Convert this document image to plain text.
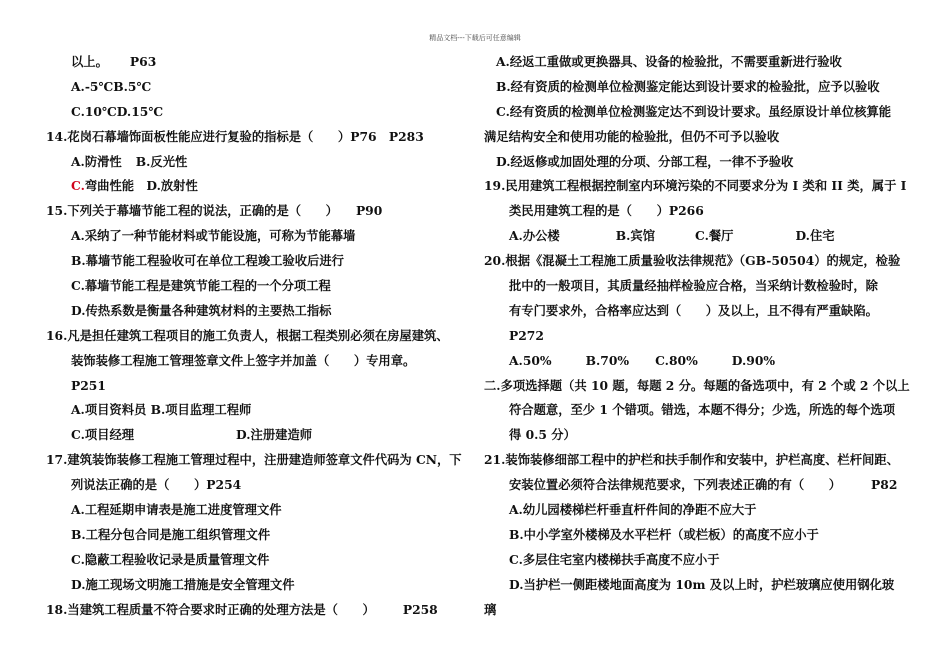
精品文档---下载后可任意编辑
以上。 P63
A.-5℃B.5℃
C.10℃D.15℃
14.花岗石幕墙饰面板性能应进行复验的指标是（　　）P76　P283
A.防滑性 B.反光性
C.弯曲性能　D.放射性
15.下列关于幕墙节能工程的说法，正确的是（　　） P90
A.采纳了一种节能材料或节能设施，可称为节能幕墙
B.幕墙节能工程验收可在单位工程竣工验收后进行
C.幕墙节能工程是建筑节能工程的一个分项工程
D.传热系数是衡量各种建筑材料的主要热工指标
16.凡是担任建筑工程项目的施工负责人，根据工程类别必须在房屋建筑、
装饰装修工程施工管理签章文件上签字并加盖（　　）专用章。
P251
A.项目资料员 B.项目监理工程师
C.项目经理	D.注册建造师
17.建筑装饰装修工程施工管理过程中，注册建造师签章文件代码为 CN，下
列说法正确的是（　　）P254
A.工程延期申请表是施工进度管理文件
B.工程分包合同是施工组织管理文件
C.隐蔽工程验收记录是质量管理文件
D.施工现场文明施工措施是安全管理文件
18.当建筑工程质量不符合要求时正确的处理方法是（　　） P258
A.经返工重做或更换器具、设备的检验批，不需要重新进行验收
B.经有资质的检测单位检测鉴定能达到设计要求的检验批，应予以验收
C.经有资质的检测单位检测鉴定达不到设计要求。虽经原设计单位核算能
满足结构安全和使用功能的检验批，但仍不可予以验收
D.经返修或加固处理的分项、分部工程，一律不予验收
19.民用建筑工程根据控制室内环境污染的不同要求分为 I 类和 II 类，属于 I
类民用建筑工程的是（　　）P266
A.办公楼	B.宾馆	C.餐厅	D.住宅
20.根据《混凝土工程施工质量验收法律规范》（GB-50504）的规定，检验
批中的一般项目，其质量经抽样检验应合格，当采纳计数检验时，除
有专门要求外，合格率应达到（　　）及以上，且不得有严重缺陷。
P272
A.50%	B.70% C.80%	D.90%
二.多项选择题（共 10 题，每题 2 分。每题的备选项中，有 2 个或 2 个以上
符合题意，至少 1 个错项。错选，本题不得分；少选，所选的每个选项
得 0.5 分）
21.装饰装修细部工程中的护栏和扶手制作和安装中，护栏高度、栏杆间距、
安装位置必须符合法律规范要求，下列表述正确的有（　　） P82
A.幼儿园楼梯栏杆垂直杆件间的净距不应大于
B.中小学室外楼梯及水平栏杆（或栏板）的高度不应小于
C.多层住宅室内楼梯扶手高度不应小于
D.当护栏一侧距楼地面高度为 10m 及以上时，护栏玻璃应使用钢化玻
璃
